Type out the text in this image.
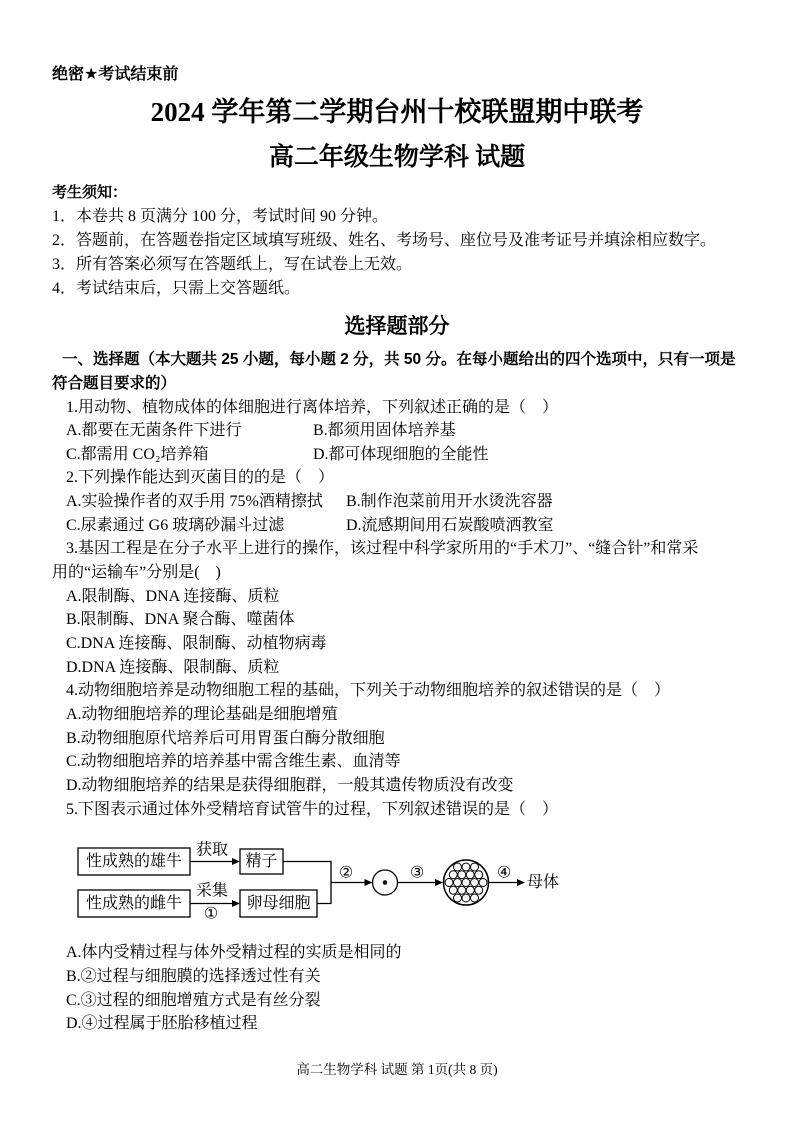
绝密★考试结束前
2024 学年第二学期台州十校联盟期中联考
高二年级生物学科 试题
考生须知：
1．本卷共 8 页满分 100 分，考试时间 90 分钟。
2．答题前，在答题卷指定区域填写班级、姓名、考场号、座位号及准考证号并填涂相应数字。
3．所有答案必须写在答题纸上，写在试卷上无效。
4．考试结束后，只需上交答题纸。
选择题部分
一、选择题（本大题共 25 小题，每小题 2 分，共 50 分。在每小题给出的四个选项中，只有一项是
符合题目要求的）
1.用动物、植物成体的体细胞进行离体培养，下列叙述正确的是（    ）
A.都要在无菌条件下进行	B.都须用固体培养基
C.都需用 CO₂培养箱	D.都可体现细胞的全能性
2.下列操作能达到灭菌目的的是（    ）
A.实验操作者的双手用 75%酒精擦拭	B.制作泡菜前用开水烫洗容器
C.尿素通过 G6 玻璃砂漏斗过滤	D.流感期间用石炭酸喷洒教室
3.基因工程是在分子水平上进行的操作，该过程中科学家所用的“手术刀”、“缝合针”和常采
用的“运输车”分别是(    )
A.限制酶、DNA 连接酶、质粒
B.限制酶、DNA 聚合酶、噬菌体
C.DNA 连接酶、限制酶、动植物病毒
D.DNA 连接酶、限制酶、质粒
4.动物细胞培养是动物细胞工程的基础，下列关于动物细胞培养的叙述错误的是（    ）
A.动物细胞培养的理论基础是细胞增殖
B.动物细胞原代培养后可用胃蛋白酶分散细胞
C.动物细胞培养的培养基中需含维生素、血清等
D.动物细胞培养的结果是获得细胞群，一般其遗传物质没有改变
5.下图表示通过体外受精培育试管牛的过程，下列叙述错误的是（    ）
性成熟的雄牛
获取
精子
性成熟的雌牛
采集
①
卵母细胞
②	③	④
母体
A.体内受精过程与体外受精过程的实质是相同的
B.②过程与细胞膜的选择透过性有关
C.③过程的细胞增殖方式是有丝分裂
D.④过程属于胚胎移植过程
高二生物学科 试题 第 1页(共 8 页)
